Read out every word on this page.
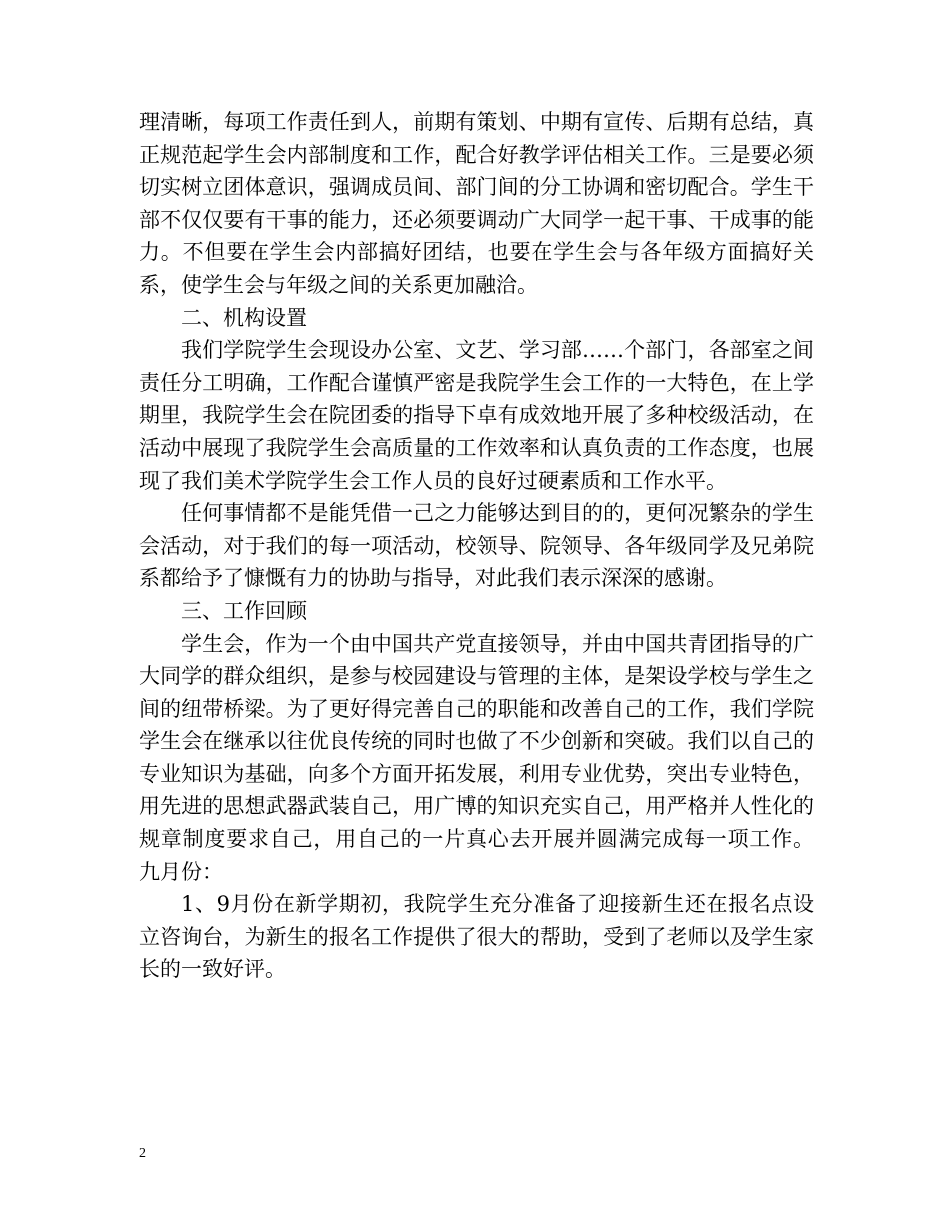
理清晰，每项工作责任到人，前期有策划、中期有宣传、后期有总结，真正规范起学生会内部制度和工作，配合好教学评估相关工作。三是要必须切实树立团体意识，强调成员间、部门间的分工协调和密切配合。学生干部不仅仅要有干事的能力，还必须要调动广大同学一起干事、干成事的能力。不但要在学生会内部搞好团结，也要在学生会与各年级方面搞好关系，使学生会与年级之间的关系更加融洽。

二、机构设置

我们学院学生会现设办公室、文艺、学习部……个部门，各部室之间责任分工明确，工作配合谨慎严密是我院学生会工作的一大特色，在上学期里，我院学生会在院团委的指导下卓有成效地开展了多种校级活动，在活动中展现了我院学生会高质量的工作效率和认真负责的工作态度，也展现了我们美术学院学生会工作人员的良好过硬素质和工作水平。

任何事情都不是能凭借一己之力能够达到目的的，更何况繁杂的学生会活动，对于我们的每一项活动，校领导、院领导、各年级同学及兄弟院系都给予了慷慨有力的协助与指导，对此我们表示深深的感谢。

三、工作回顾

学生会，作为一个由中国共产党直接领导，并由中国共青团指导的广大同学的群众组织，是参与校园建设与管理的主体，是架设学校与学生之间的纽带桥梁。为了更好得完善自己的职能和改善自己的工作，我们学院学生会在继承以往优良传统的同时也做了不少创新和突破。我们以自己的专业知识为基础，向多个方面开拓发展，利用专业优势，突出专业特色，用先进的思想武器武装自己，用广博的知识充实自己，用严格并人性化的规章制度要求自己，用自己的一片真心去开展并圆满完成每一项工作。 九月份：

1、9月份在新学期初，我院学生充分准备了迎接新生还在报名点设立咨询台，为新生的报名工作提供了很大的帮助，受到了老师以及学生家长的一致好评。

2
